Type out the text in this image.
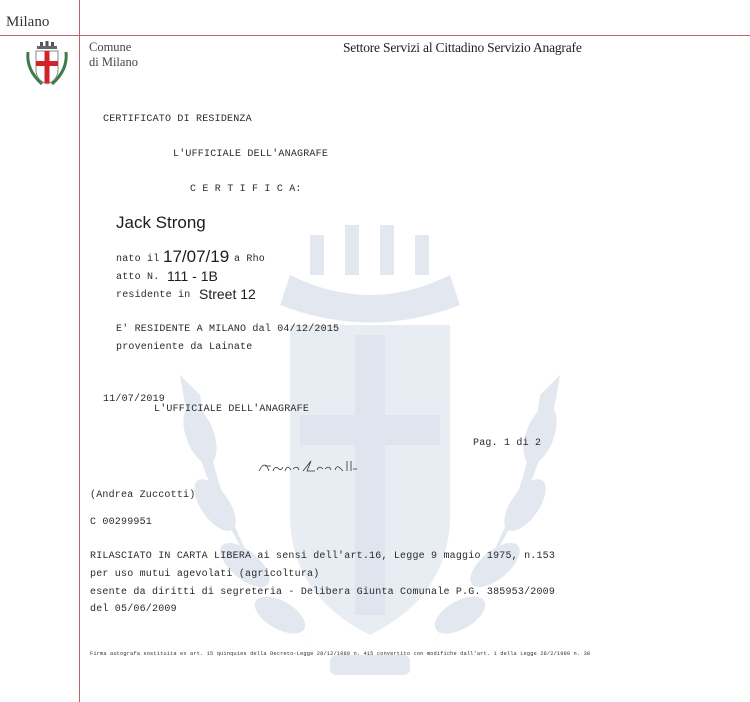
Milano
Comune
di Milano
Settore Servizi al Cittadino Servizio Anagrafe
CERTIFICATO DI RESIDENZA
L'UFFICIALE DELL'ANAGRAFE
C E R T I F I C A:
Jack Strong
nato il 17/07/19 a Rho
atto N. 111 - 1B
residente in Street 12
E' RESIDENTE A MILANO dal 04/12/2015
proveniente da Lainate
11/07/2019
L'UFFICIALE DELL'ANAGRAFE
Pag. 1 di 2
(Andrea Zuccotti)
C 00299951
RILASCIATO IN CARTA LIBERA ai sensi dell'art.16, Legge 9 maggio 1975, n.153
per uso mutui agevolati (agricoltura)
esente da diritti di segreteria - Delibera Giunta Comunale P.G. 385953/2009
del 05/06/2009
Firma autografa sostituita ex art. 15 quinquies della Decreto-Legge 28/12/1989 n. 415 convertito con modifiche dall'art. 1 della Legge 28/2/1990 n. 38
